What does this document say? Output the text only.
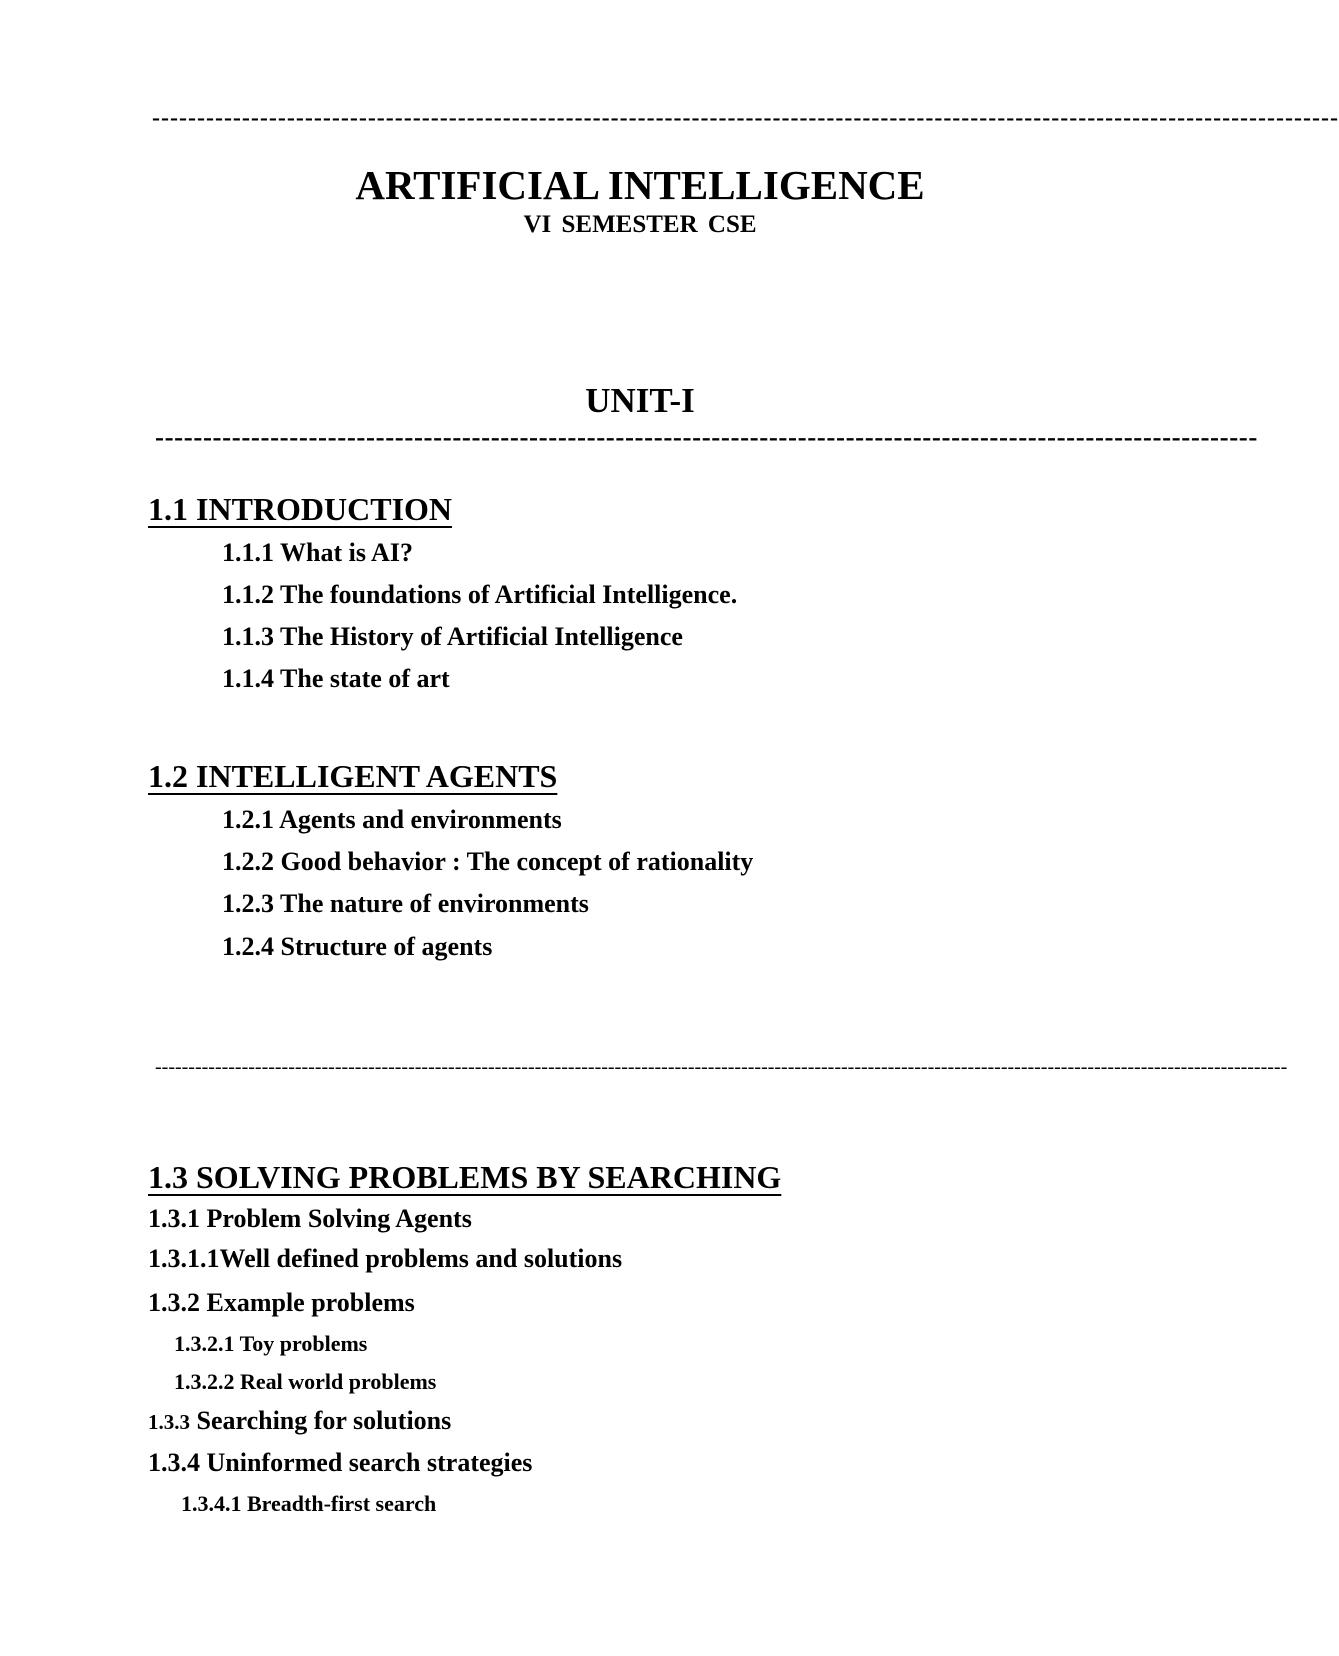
------------------------------------------------------------------------------------------------------------------------------------
ARTIFICIAL INTELLIGENCE
VI SEMESTER CSE
UNIT-I
-------------------------------------------------------------------------------------------------------------------
1.1 INTRODUCTION
1.1.1 What is AI?
1.1.2 The foundations of Artificial Intelligence.
1.1.3 The History of Artificial Intelligence
1.1.4 The state of art
1.2 INTELLIGENT AGENTS
1.2.1 Agents and environments
1.2.2 Good behavior : The concept of rationality
1.2.3 The nature of environments
1.2.4 Structure of agents
--------------------------------------------------------------------------------------------------------------------------------------------------------------------------
1.3 SOLVING PROBLEMS BY SEARCHING
1.3.1 Problem Solving Agents
1.3.1.1Well defined problems and solutions
1.3.2 Example problems
1.3.2.1 Toy problems
1.3.2.2 Real world problems
1.3.3 Searching for solutions
1.3.4 Uninformed search strategies
1.3.4.1 Breadth-first search
